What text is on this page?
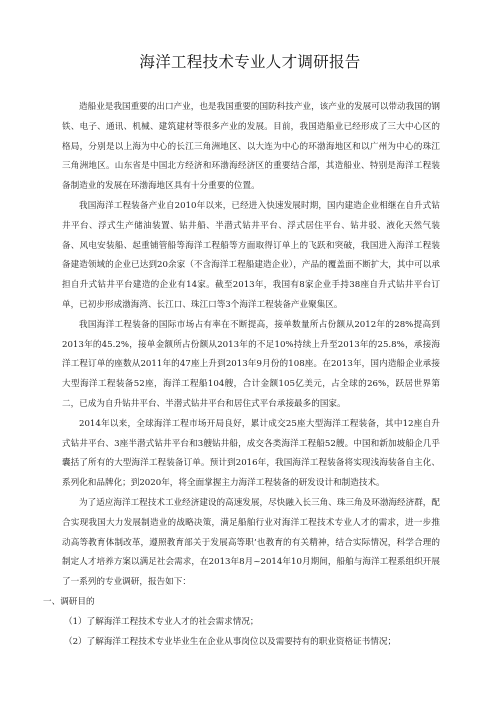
海洋工程技术专业人才调研报告

造船业是我国重要的出口产业，也是我国重要的国防科技产业，该产业的发展可以带动我国的钢铁、电子、通讯、机械、建筑建材等很多产业的发展。目前，我国造船业已经形成了三大中心区的格局，分别是以上海为中心的长江三角洲地区、以大连为中心的环渤海地区和以广州为中心的珠江三角洲地区。山东省是中国北方经济和环渤海经济区的重要结合部，其造船业、特别是海洋工程装备制造业的发展在环渤海地区具有十分重要的位置。

我国海洋工程装备产业自2010年以来，已经进入快速发展时期，国内建造企业相继在自升式钻井平台、浮式生产储油装置、钻井船、半潜式钻井平台、浮式居住平台、钻井驳、液化天然气装备、风电安装船、起重铺管船等海洋工程船等方面取得订单上的飞跃和突破，我国进入海洋工程装备建造领域的企业已达到20余家（不含海洋工程船建造企业），产品的覆盖面不断扩大，其中可以承担自升式钻井平台建造的企业有14家。截至2013年，我国有8家企业手持38座自升式钻井平台订单，已初步形成渤海湾、长江口、珠江口等3个海洋工程装备产业聚集区。

我国海洋工程装备的国际市场占有率在不断提高，接单数量所占份额从2012年的28%提高到2013年的45.2%，接单金额所占份额从2013年的不足10%持续上升至2013年的25.8%，承接海洋工程订单的座数从2011年的47座上升到2013年9月份的108座。在2013年，国内造船企业承接大型海洋工程装备52座，海洋工程船104艘，合计金额105亿美元，占全球的26%，跃居世界第二，已成为自升钻井平台、半潜式钻井平台和居住式平台承接最多的国家。

2014年以来，全球海洋工程市场开局良好，累计成交25座大型海洋工程装备，其中12座自升式钻井平台、3座半潜式钻井平台和3艘钻井船，成交各类海洋工程船52艘。中国和新加坡船企几乎囊括了所有的大型海洋工程装备订单。预计到2016年，我国海洋工程装备将实现浅海装备自主化、系列化和品牌化；到2020年，将全面掌握主力海洋工程装备的研发设计和制造技术。

为了适应海洋工程技术工业经济建设的高速发展，尽快融入长三角、珠三角及环渤海经济群，配合实现我国大力发展制造业的战略决策，满足船舶行业对海洋工程技术专业人才的需求，进一步推动高等教育体制改革，遵照教育部关于发展高等职’也教育的有关精神，结合实际情况，科学合理的制定人才培养方案以满足社会需求，在2013年8月~2014年10月期间，船舶与海洋工程系组织开展了一系列的专业调研，报告如下：

一、调研目的

（1）了解海洋工程技术专业人才的社会需求情况；

（2）了解海洋工程技术专业毕业生在企业从事岗位以及需要持有的职业资格证书情况；
